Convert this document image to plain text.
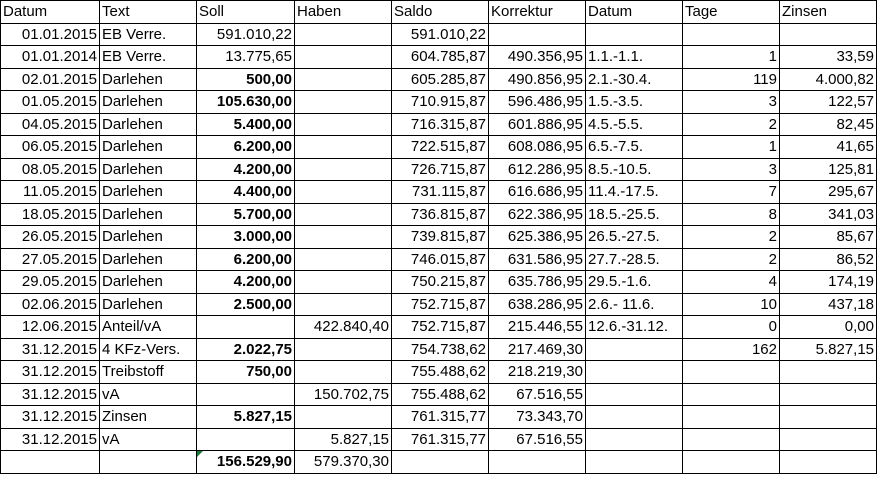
Datum	Text	Soll	Haben	Saldo	Korrektur	Datum	Tage	Zinsen
01.01.2015	EB Verre.	591.010,22		591.010,22				
01.01.2014	EB Verre.	13.775,65		604.785,87	490.356,95	1.1.-1.1.	1	33,59
02.01.2015	Darlehen	500,00		605.285,87	490.856,95	2.1.-30.4.	119	4.000,82
01.05.2015	Darlehen	105.630,00		710.915,87	596.486,95	1.5.-3.5.	3	122,57
04.05.2015	Darlehen	5.400,00		716.315,87	601.886,95	4.5.-5.5.	2	82,45
06.05.2015	Darlehen	6.200,00		722.515,87	608.086,95	6.5.-7.5.	1	41,65
08.05.2015	Darlehen	4.200,00		726.715,87	612.286,95	8.5.-10.5.	3	125,81
11.05.2015	Darlehen	4.400,00		731.115,87	616.686,95	11.4.-17.5.	7	295,67
18.05.2015	Darlehen	5.700,00		736.815,87	622.386,95	18.5.-25.5.	8	341,03
26.05.2015	Darlehen	3.000,00		739.815,87	625.386,95	26.5.-27.5.	2	85,67
27.05.2015	Darlehen	6.200,00		746.015,87	631.586,95	27.7.-28.5.	2	86,52
29.05.2015	Darlehen	4.200,00		750.215,87	635.786,95	29.5.-1.6.	4	174,19
02.06.2015	Darlehen	2.500,00		752.715,87	638.286,95	2.6.- 11.6.	10	437,18
12.06.2015	Anteil/vA		422.840,40	752.715,87	215.446,55	12.6.-31.12.	0	0,00
31.12.2015	4 KFz-Vers.	2.022,75		754.738,62	217.469,30		162	5.827,15
31.12.2015	Treibstoff	750,00		755.488,62	218.219,30			
31.12.2015	vA		150.702,75	755.488,62	67.516,55			
31.12.2015	Zinsen	5.827,15		761.315,77	73.343,70			
31.12.2015	vA		5.827,15	761.315,77	67.516,55			
		156.529,90	579.370,30					
